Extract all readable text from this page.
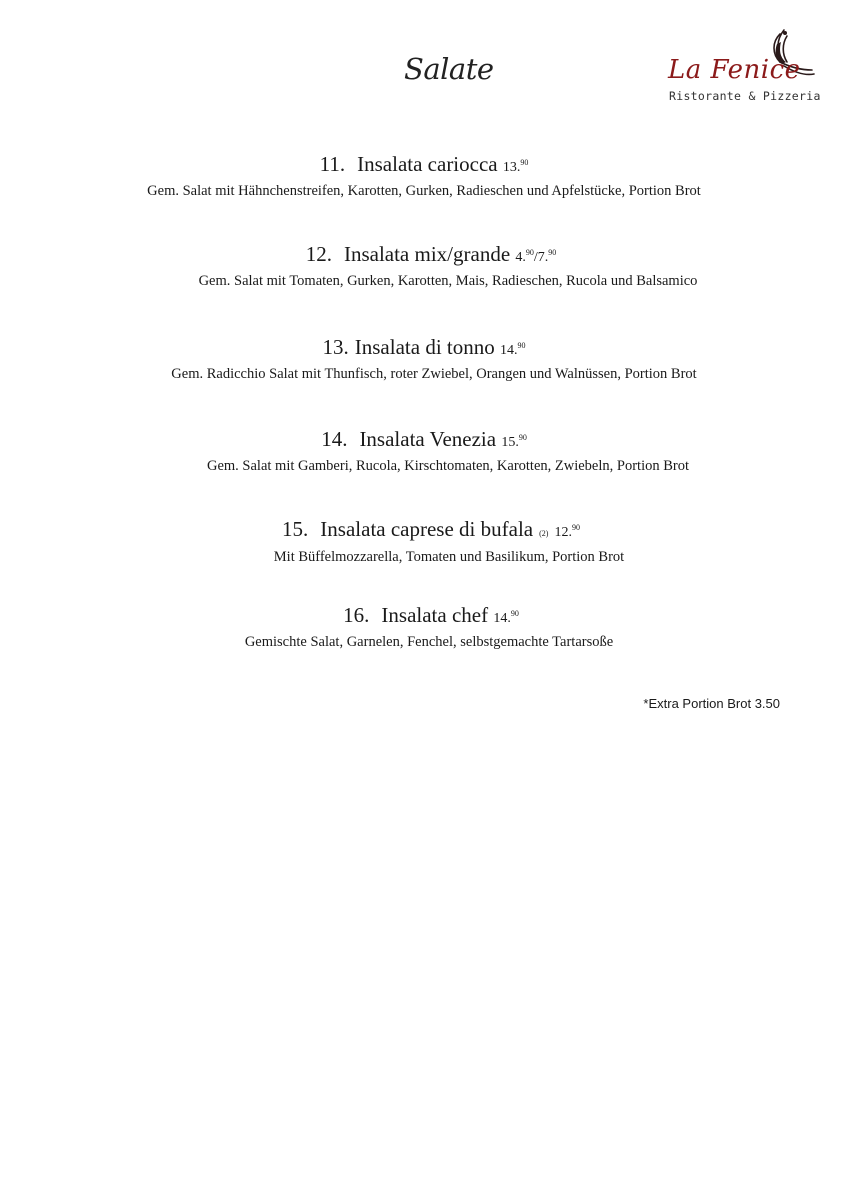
Salate	La Fenice
Ristorante & Pizzeria
11. Insalata cariocca 13.90
Gem. Salat mit Hähnchenstreifen, Karotten, Gurken, Radieschen und Apfelstücke, Portion Brot
12. Insalata mix/grande 4.90/7.90
Gem. Salat mit Tomaten, Gurken, Karotten, Mais, Radieschen, Rucola und Balsamico
13. Insalata di tonno 14.90
Gem. Radicchio Salat mit Thunfisch, roter Zwiebel, Orangen und Walnüssen, Portion Brot
14. Insalata Venezia 15.90
Gem. Salat mit Gamberi, Rucola, Kirschtomaten, Karotten, Zwiebeln, Portion Brot
15. Insalata caprese di bufala (2) 12.90
Mit Büffelmozzarella, Tomaten und Basilikum, Portion Brot
16. Insalata chef 14.90
Gemischte Salat, Garnelen, Fenchel, selbstgemachte Tartarsoße
*Extra Portion Brot 3.50
